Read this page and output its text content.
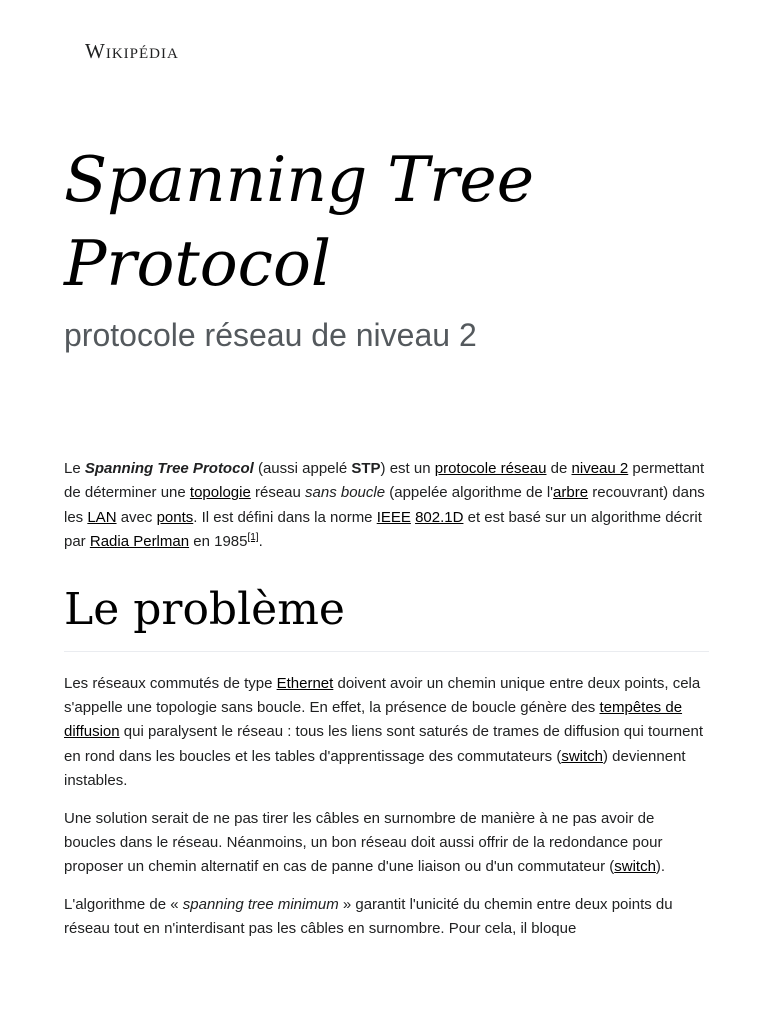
Wikipédia
Spanning Tree Protocol
protocole réseau de niveau 2

Le Spanning Tree Protocol (aussi appelé STP) est un protocole réseau de niveau 2 permettant de déterminer une topologie réseau sans boucle (appelée algorithme de l'arbre recouvrant) dans les LAN avec ponts. Il est défini dans la norme IEEE 802.1D et est basé sur un algorithme décrit par Radia Perlman en 1985[1].

Le problème

Les réseaux commutés de type Ethernet doivent avoir un chemin unique entre deux points, cela s'appelle une topologie sans boucle. En effet, la présence de boucle génère des tempêtes de diffusion qui paralysent le réseau : tous les liens sont saturés de trames de diffusion qui tournent en rond dans les boucles et les tables d'apprentissage des commutateurs (switch) deviennent instables.

Une solution serait de ne pas tirer les câbles en surnombre de manière à ne pas avoir de boucles dans le réseau. Néanmoins, un bon réseau doit aussi offrir de la redondance pour proposer un chemin alternatif en cas de panne d'une liaison ou d'un commutateur (switch).

L'algorithme de « spanning tree minimum » garantit l'unicité du chemin entre deux points du réseau tout en n'interdisant pas les câbles en surnombre. Pour cela, il bloque
